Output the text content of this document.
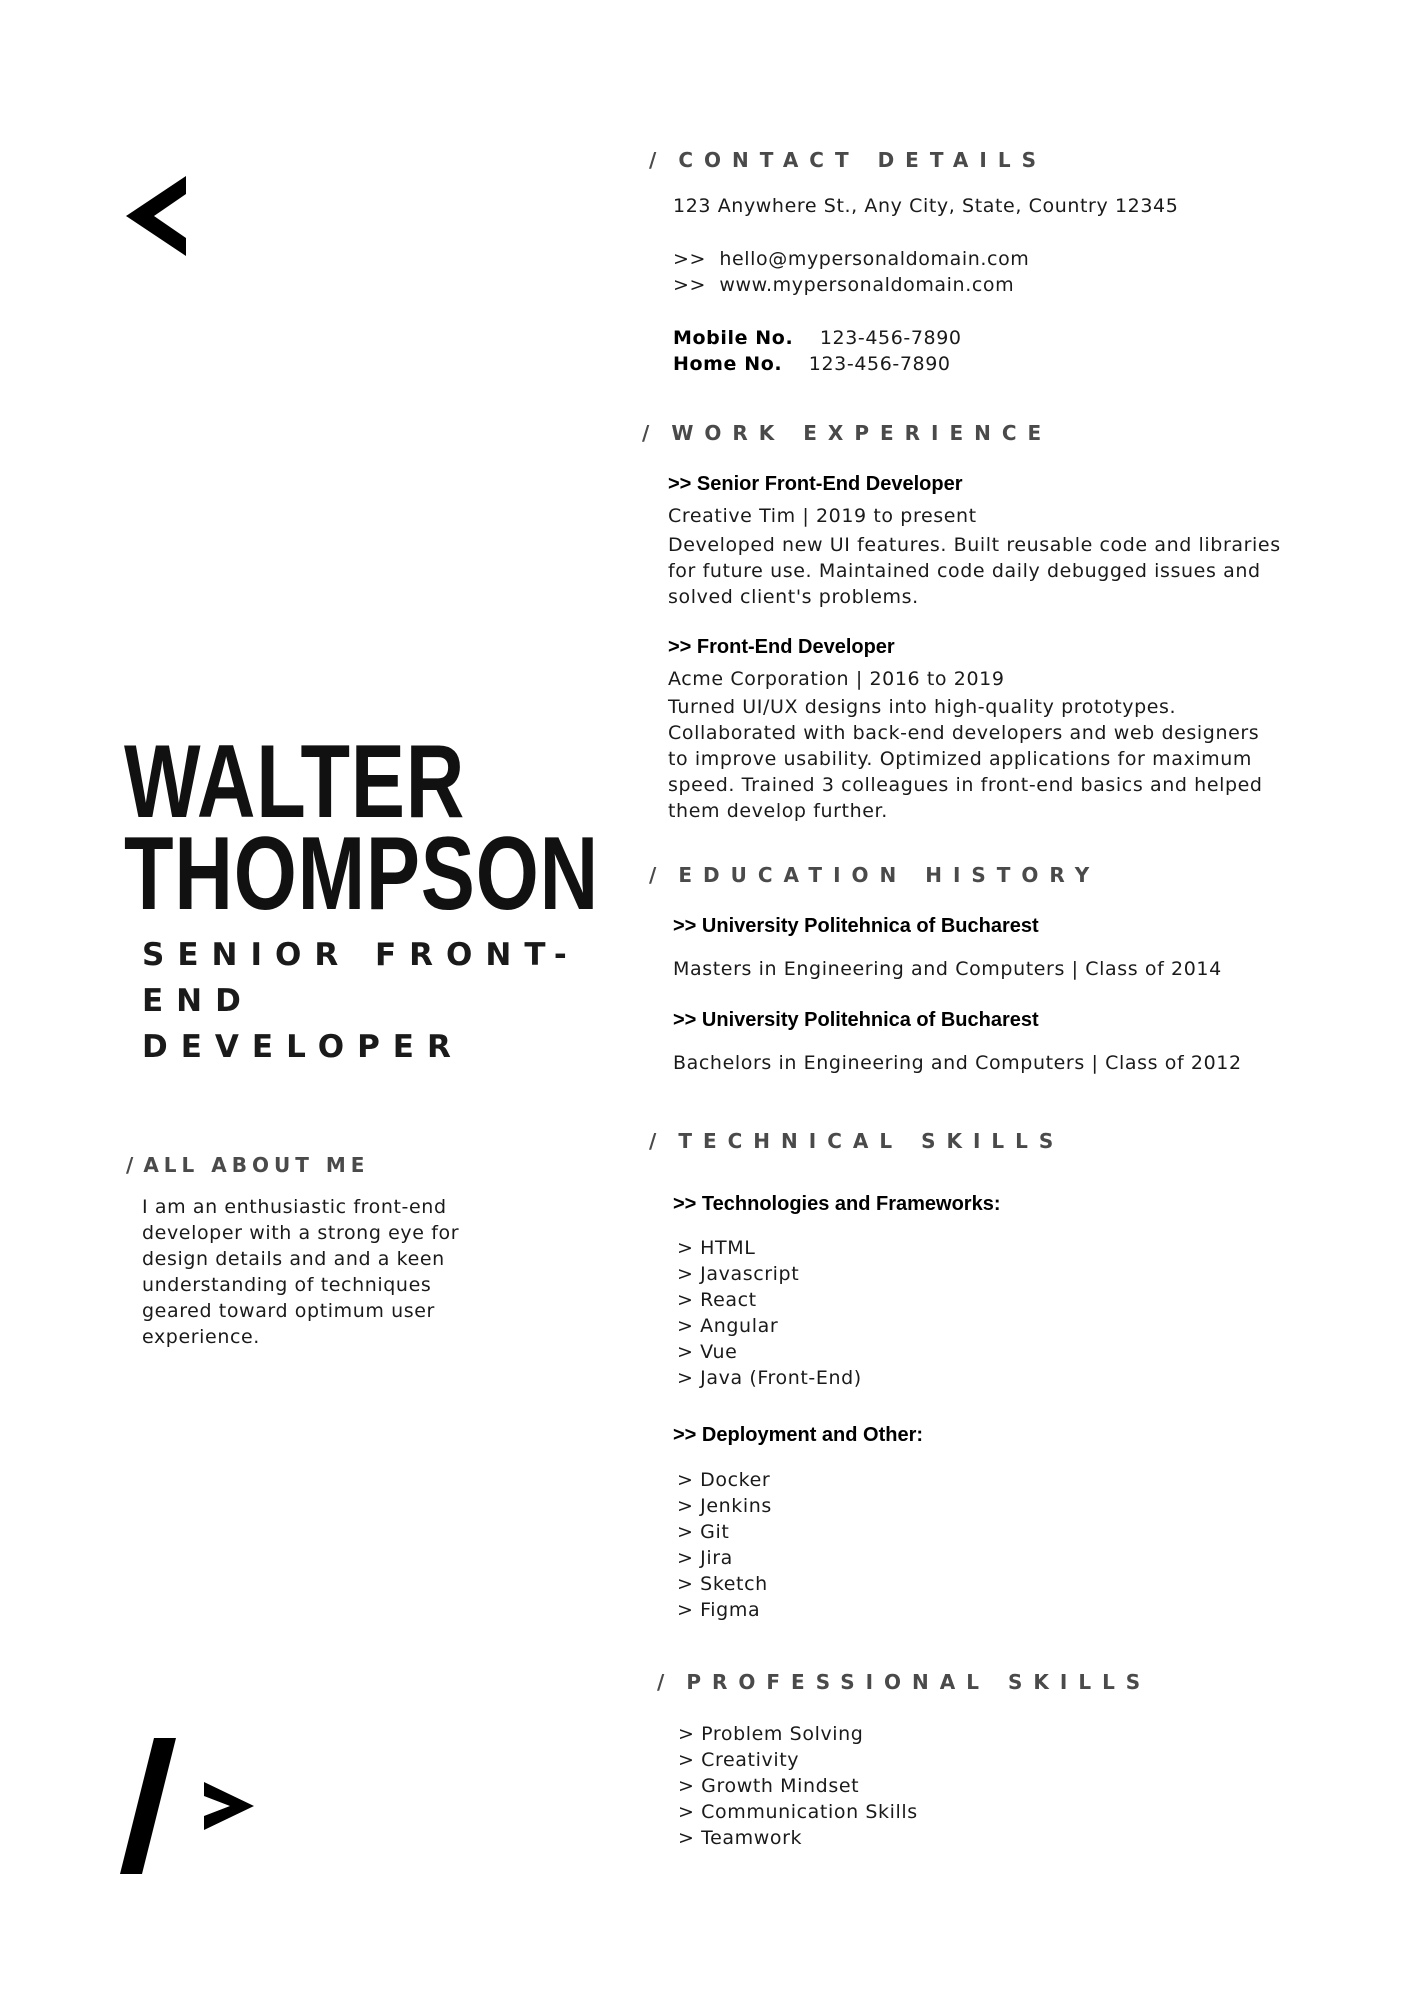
WALTER
THOMPSON
SENIOR FRONT-END DEVELOPER
/ ALL ABOUT ME
I am an enthusiastic front-end developer with a strong eye for design details and and a keen understanding of techniques geared toward optimum user experience.
/ CONTACT DETAILS
123 Anywhere St., Any City, State, Country 12345
>> hello@mypersonaldomain.com
>> www.mypersonaldomain.com
Mobile No. 123-456-7890
Home No. 123-456-7890
/ WORK EXPERIENCE
>> Senior Front-End Developer
Creative Tim | 2019 to present
Developed new UI features. Built reusable code and libraries for future use. Maintained code daily debugged issues and solved client's problems.
>> Front-End Developer
Acme Corporation | 2016 to 2019
Turned UI/UX designs into high-quality prototypes. Collaborated with back-end developers and web designers to improve usability. Optimized applications for maximum speed. Trained 3 colleagues in front-end basics and helped them develop further.
/ EDUCATION HISTORY
>> University Politehnica of Bucharest
Masters in Engineering and Computers | Class of 2014
>> University Politehnica of Bucharest
Bachelors in Engineering and Computers | Class of 2012
/ TECHNICAL SKILLS
>> Technologies and Frameworks:
> HTML
> Javascript
> React
> Angular
> Vue
> Java (Front-End)
>> Deployment and Other:
> Docker
> Jenkins
> Git
> Jira
> Sketch
> Figma
/ PROFESSIONAL SKILLS
> Problem Solving
> Creativity
> Growth Mindset
> Communication Skills
> Teamwork
